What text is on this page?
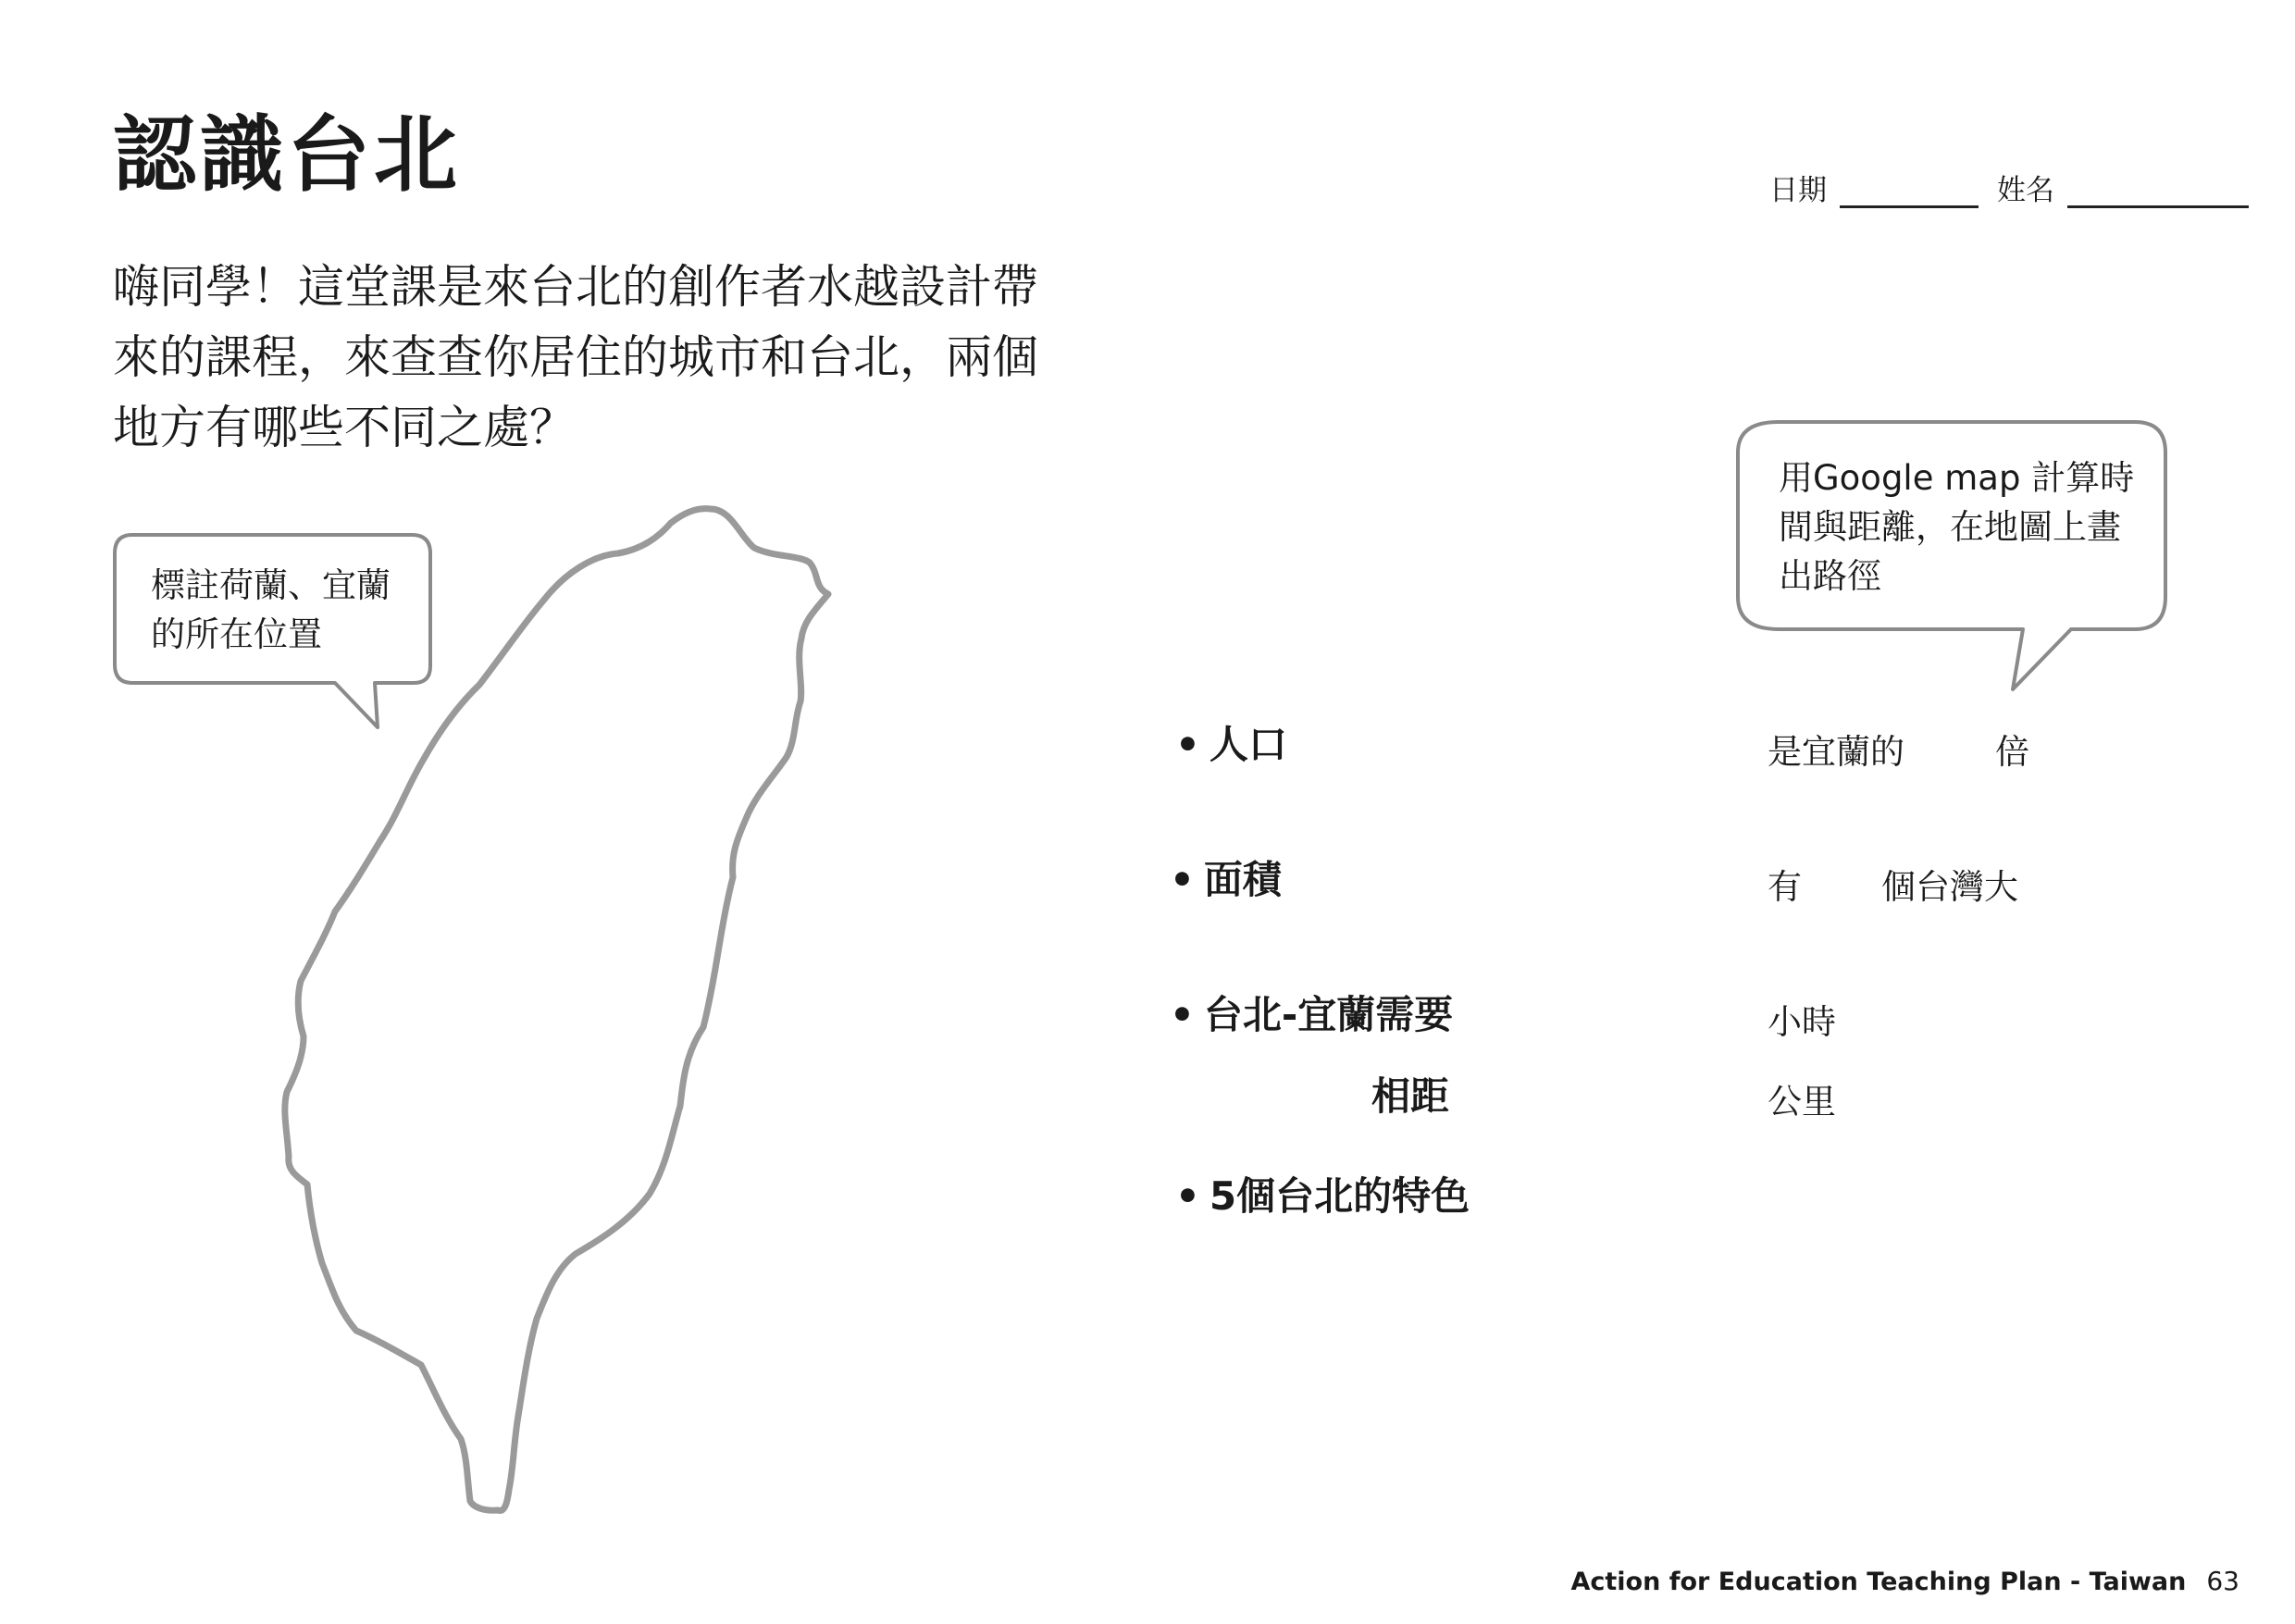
認識台北	日期	姓名
嗨同學！這堂課是來台北的創作者水越設計帶
來的課程，來查查你居住的城市和台北，兩個
地方有哪些不同之處？
標註荷蘭、宜蘭
的所在位置
用Google map 計算時
間與距離，在地圖上畫
出路徑
• 人口	是宜蘭的	倍
• 面積	有 個台灣大
• 台北-宜蘭需要	小時
相距	公里
• 5個台北的特色
Action for Education Teaching Plan - Taiwan 63
